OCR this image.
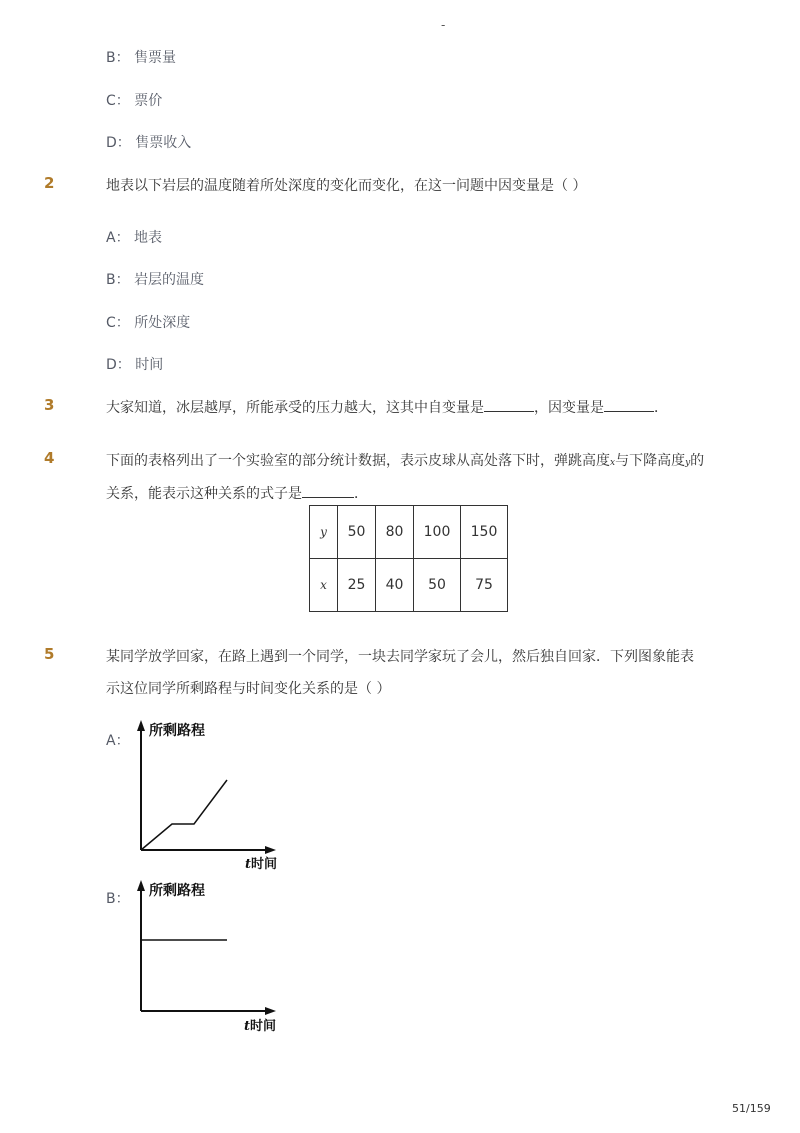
-
B： 售票量
C： 票价
D： 售票收入
2	地表以下岩层的温度随着所处深度的变化而变化，在这一问题中因变量是（ ）
A： 地表
B： 岩层的温度
C： 所处深度
D： 时间
3	大家知道，冰层越厚，所能承受的压力越大，这其中自变量是	，因变量是	．
4	下面的表格列出了一个实验室的部分统计数据，表示皮球从高处落下时，弹跳高度x与下降高度y的
关系，能表示这种关系的式子是	．
y	50	80	100	150
x	25	40	50	75
5	某同学放学回家，在路上遇到一个同学，一块去同学家玩了会儿，然后独自回家．下列图象能表
示这位同学所剩路程与时间变化关系的是（ ）
A：
所剩路程
t 时间
B： 所剩路程
t 时间
51/159
